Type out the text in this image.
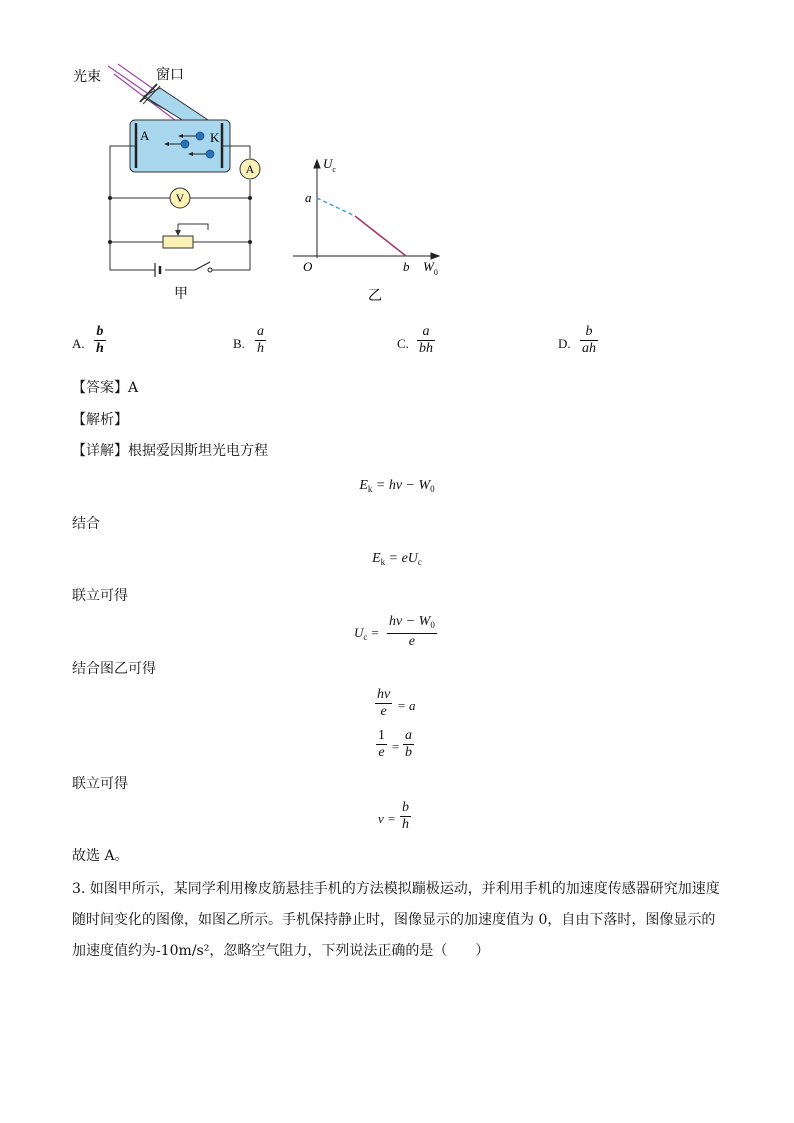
光束	窗口
A	K
A
V
甲
$U_c$
a
O	b $W_0$
乙
A.
b
h	B.
a
h	C.
a
bh	D.
b
ah
【答案】A
【解析】
【详解】根据爱因斯坦光电方程
$E_k = h\nu - W_0$
结合
$E_k = eU_c$
联立可得
$U_c$ =
$h\nu - W_0$
e
结合图乙可得
hν
e = a
1
e =
a
b
联立可得
ν =
b
h
故选 A。
3. 如图甲所示，某同学利用橡皮筋悬挂手机的方法模拟蹦极运动，并利用手机的加速度传感器研究加速度
随时间变化的图像，如图乙所示。手机保持静止时，图像显示的加速度值为 0，自由下落时，图像显示的
加速度值约为-10m/s²，忽略空气阻力，下列说法正确的是（　　）
